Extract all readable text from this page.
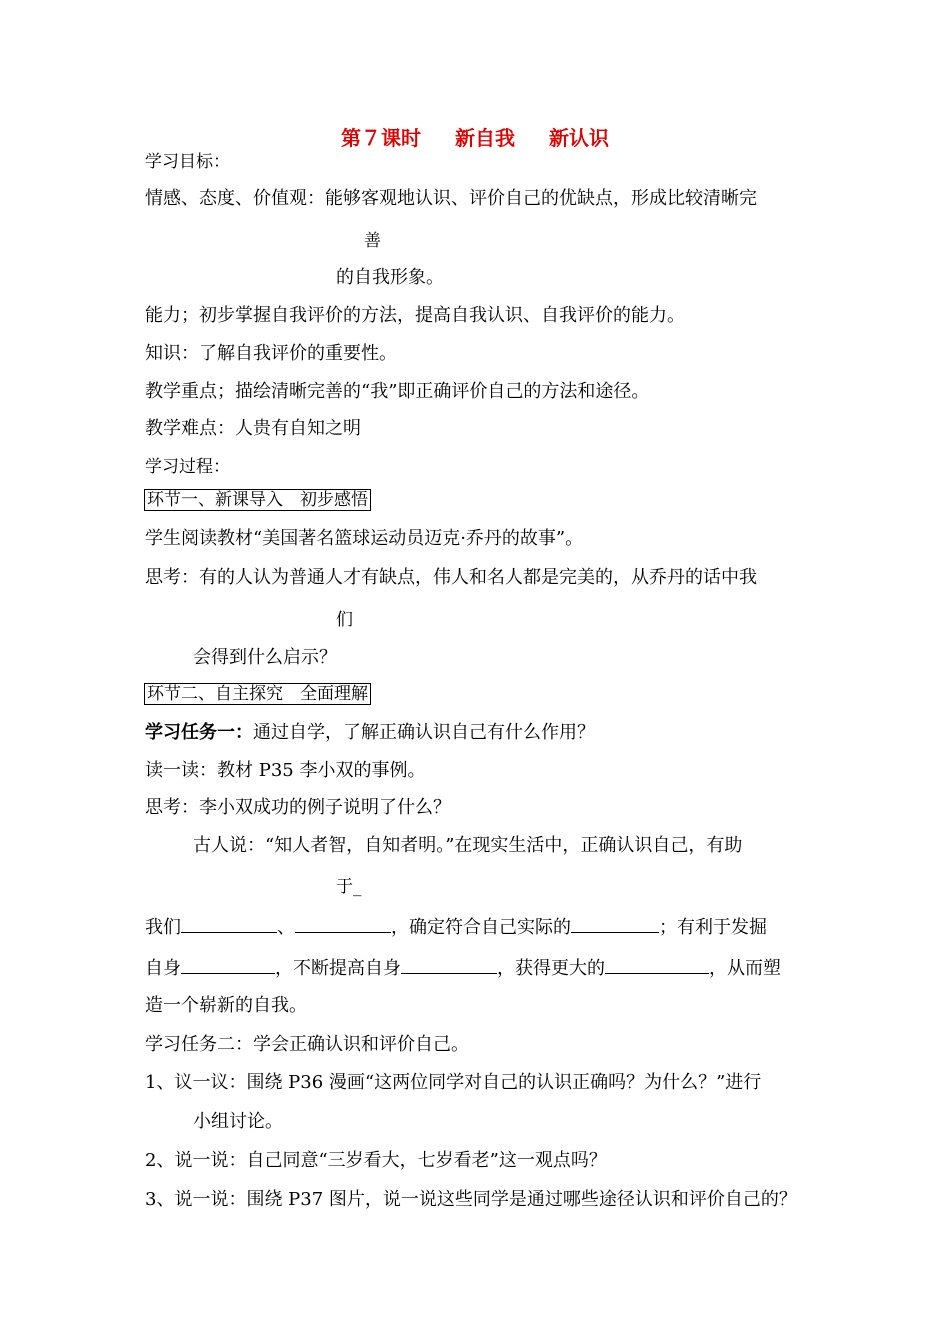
第７课时 新自我 新认识
学习目标：
情感、态度、价值观：能够客观地认识、评价自己的优缺点，形成比较清晰完
善
的自我形象。
能力；初步掌握自我评价的方法，提高自我认识、自我评价的能力。
知识：了解自我评价的重要性。
教学重点；描绘清晰完善的“我”即正确评价自己的方法和途径。
教学难点：人贵有自知之明
学习过程：
环节一、新课导入　初步感悟
学生阅读教材“美国著名篮球运动员迈克·乔丹的故事”。
思考：有的人认为普通人才有缺点，伟人和名人都是完美的，从乔丹的话中我
们
会得到什么启示？
环节二、自主探究　全面理解
学习任务一：通过自学，了解正确认识自己有什么作用？
读一读：教材 P35 李小双的事例。
思考：李小双成功的例子说明了什么？
古人说：“知人者智，自知者明。”在现实生活中，正确认识自己，有助
于_
我们	、	，确定符合自己实际的	；有利于发掘
自身	，不断提高自身	，获得更大的	，从而塑
造一个崭新的自我。
学习任务二：学会正确认识和评价自己。
1、议一议：围绕 P36 漫画“这两位同学对自己的认识正确吗？为什么？”进行
小组讨论。
2、说一说：自己同意“三岁看大，七岁看老”这一观点吗？
3、说一说：围绕 P37 图片，说一说这些同学是通过哪些途径认识和评价自己的？
